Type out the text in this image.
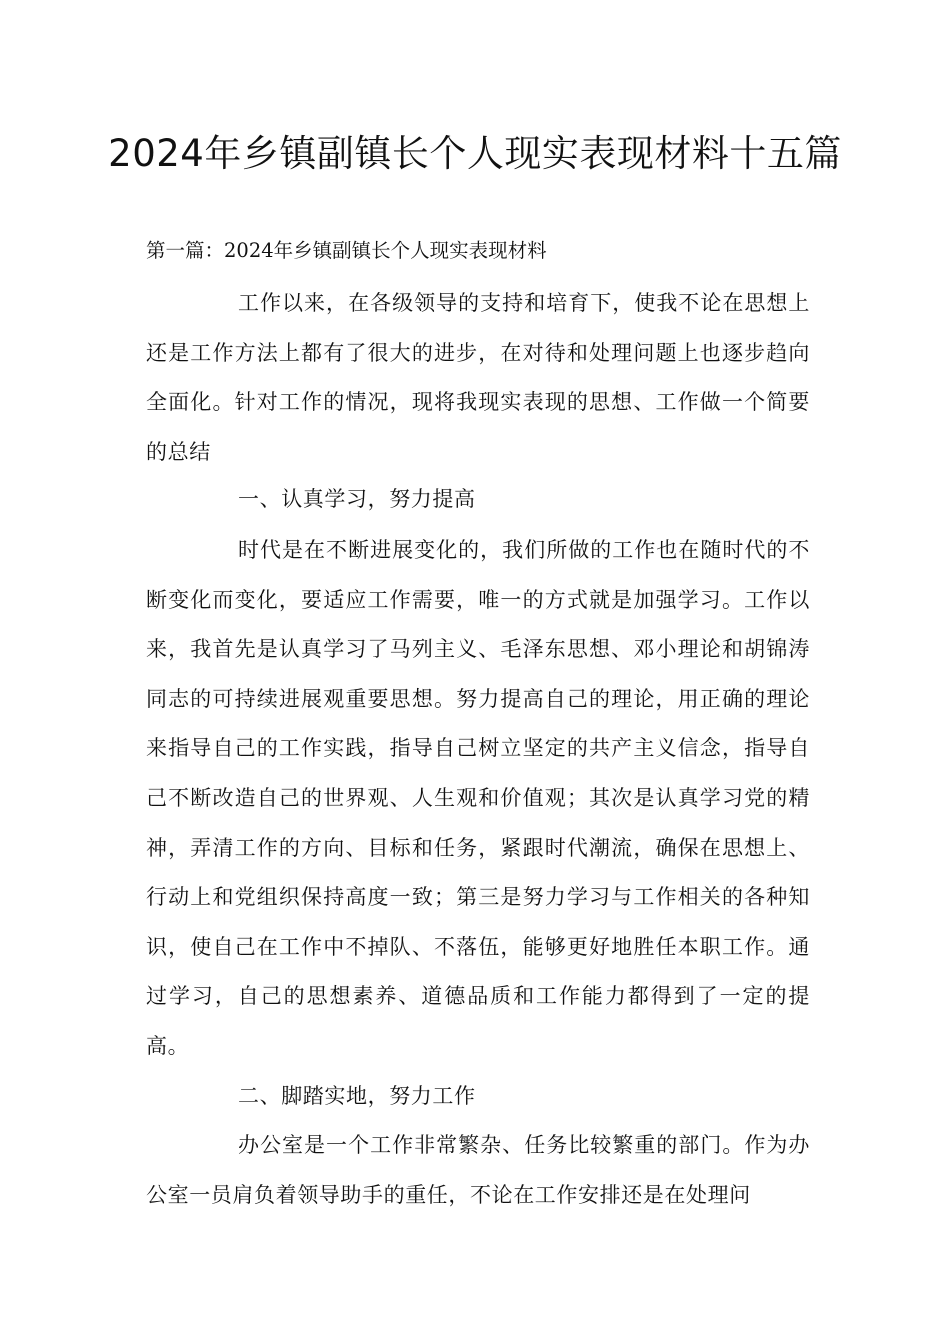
2024年乡镇副镇长个人现实表现材料十五篇

第一篇：2024年乡镇副镇长个人现实表现材料

工作以来，在各级领导的支持和培育下，使我不论在思想上还是工作方法上都有了很大的进步，在对待和处理问题上也逐步趋向全面化。针对工作的情况，现将我现实表现的思想、工作做一个简要的总结

一、认真学习，努力提高

时代是在不断进展变化的，我们所做的工作也在随时代的不断变化而变化，要适应工作需要，唯一的方式就是加强学习。工作以来，我首先是认真学习了马列主义、毛泽东思想、邓小理论和胡锦涛同志的可持续进展观重要思想。努力提高自己的理论，用正确的理论来指导自己的工作实践，指导自己树立坚定的共产主义信念，指导自己不断改造自己的世界观、人生观和价值观；其次是认真学习党的精神，弄清工作的方向、目标和任务，紧跟时代潮流，确保在思想上、行动上和党组织保持高度一致；第三是努力学习与工作相关的各种知识，使自己在工作中不掉队、不落伍，能够更好地胜任本职工作。通过学习，自己的思想素养、道德品质和工作能力都得到了一定的提高。

二、脚踏实地，努力工作

办公室是一个工作非常繁杂、任务比较繁重的部门。作为办公室一员肩负着领导助手的重任，不论在工作安排还是在处理问
